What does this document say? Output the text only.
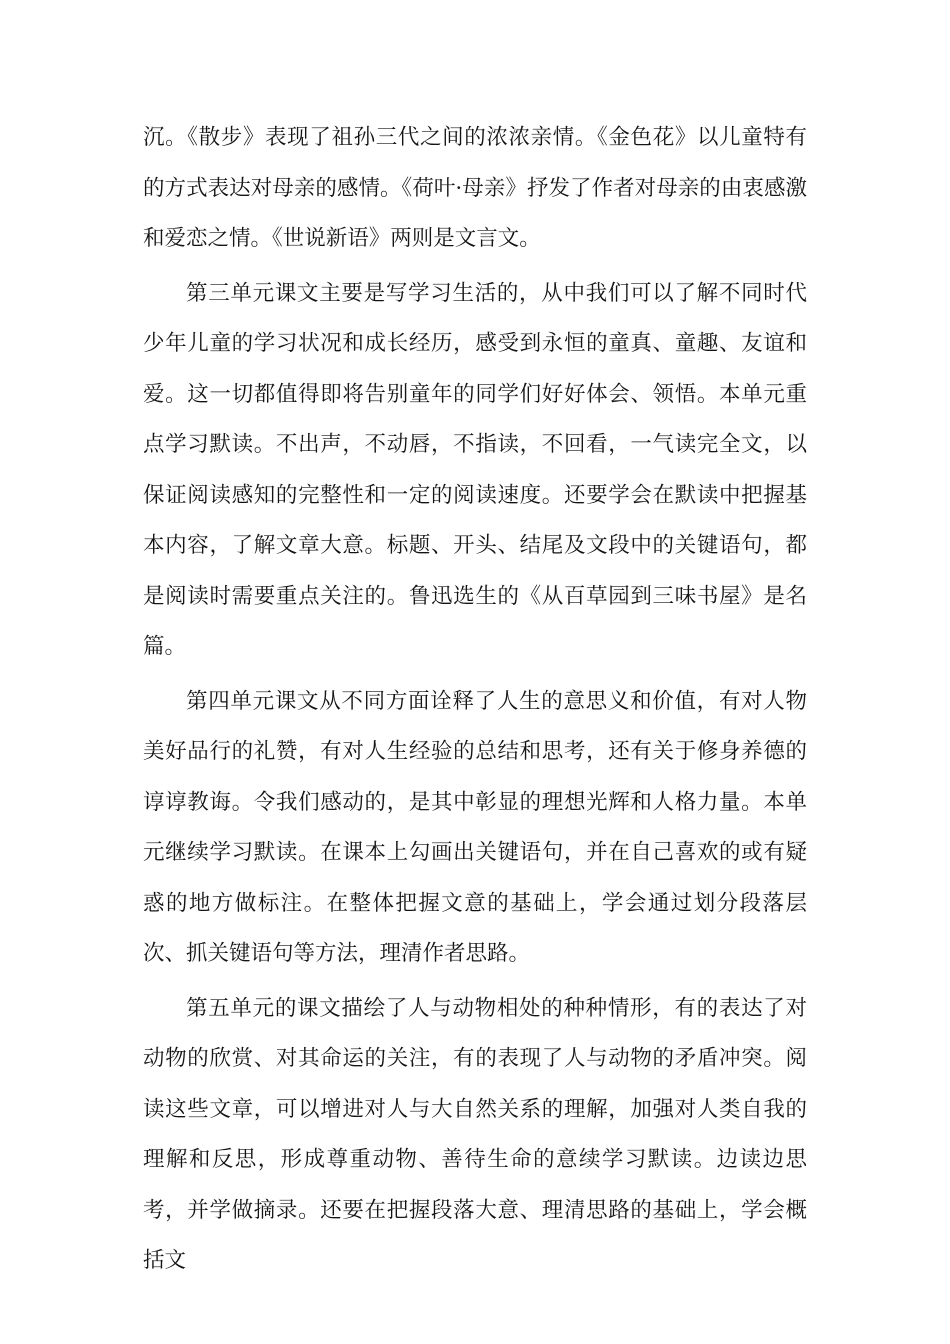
沉。《散步》表现了祖孙三代之间的浓浓亲情。《金色花》以儿童特有的方式表达对母亲的感情。《荷叶·母亲》抒发了作者对母亲的由衷感激和爱恋之情。《世说新语》两则是文言文。

第三单元课文主要是写学习生活的，从中我们可以了解不同时代少年儿童的学习状况和成长经历，感受到永恒的童真、童趣、友谊和爱。这一切都值得即将告别童年的同学们好好体会、领悟。本单元重点学习默读。不出声，不动唇，不指读，不回看，一气读完全文，以保证阅读感知的完整性和一定的阅读速度。还要学会在默读中把握基本内容，了解文章大意。标题、开头、结尾及文段中的关键语句，都是阅读时需要重点关注的。鲁迅选生的《从百草园到三味书屋》是名篇。

第四单元课文从不同方面诠释了人生的意思义和价值，有对人物美好品行的礼赞，有对人生经验的总结和思考，还有关于修身养德的谆谆教诲。令我们感动的，是其中彰显的理想光辉和人格力量。本单元继续学习默读。在课本上勾画出关键语句，并在自己喜欢的或有疑惑的地方做标注。在整体把握文意的基础上，学会通过划分段落层次、抓关键语句等方法，理清作者思路。

第五单元的课文描绘了人与动物相处的种种情形，有的表达了对动物的欣赏、对其命运的关注，有的表现了人与动物的矛盾冲突。阅读这些文章，可以增进对人与大自然关系的理解，加强对人类自我的理解和反思，形成尊重动物、善待生命的意续学习默读。边读边思考，并学做摘录。还要在把握段落大意、理清思路的基础上，学会概括文
